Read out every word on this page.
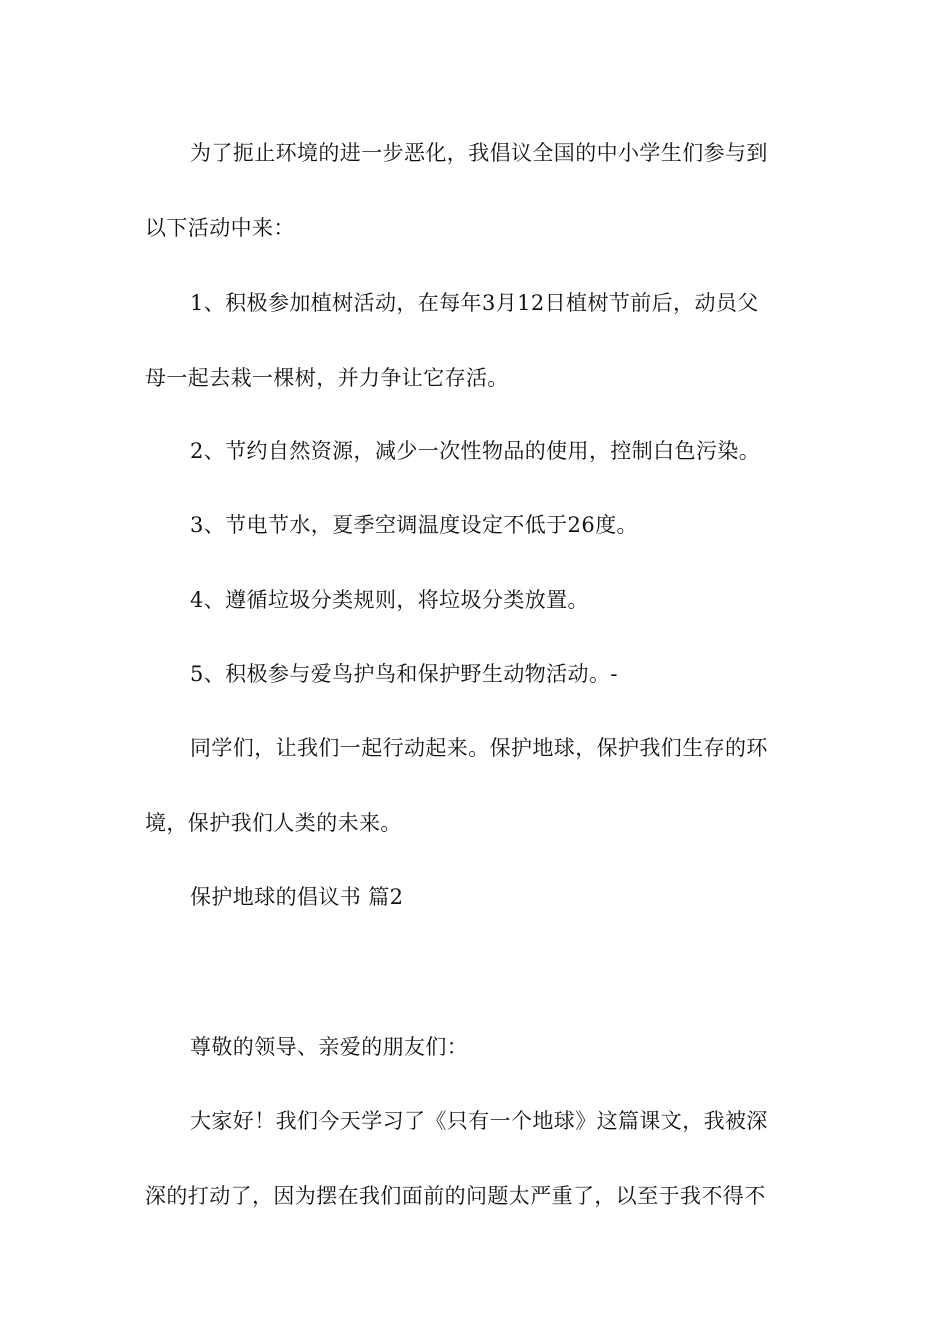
为了扼止环境的进一步恶化，我倡议全国的中小学生们参与到
以下活动中来：
1、积极参加植树活动，在每年3月12日植树节前后，动员父
母一起去栽一棵树，并力争让它存活。
2、节约自然资源，减少一次性物品的使用，控制白色污染。
3、节电节水，夏季空调温度设定不低于26度。
4、遵循垃圾分类规则，将垃圾分类放置。
5、积极参与爱鸟护鸟和保护野生动物活动。-
同学们，让我们一起行动起来。保护地球，保护我们生存的环
境，保护我们人类的未来。
保护地球的倡议书 篇2
尊敬的领导、亲爱的朋友们：
大家好！我们今天学习了《只有一个地球》这篇课文，我被深
深的打动了，因为摆在我们面前的问题太严重了，以至于我不得不
